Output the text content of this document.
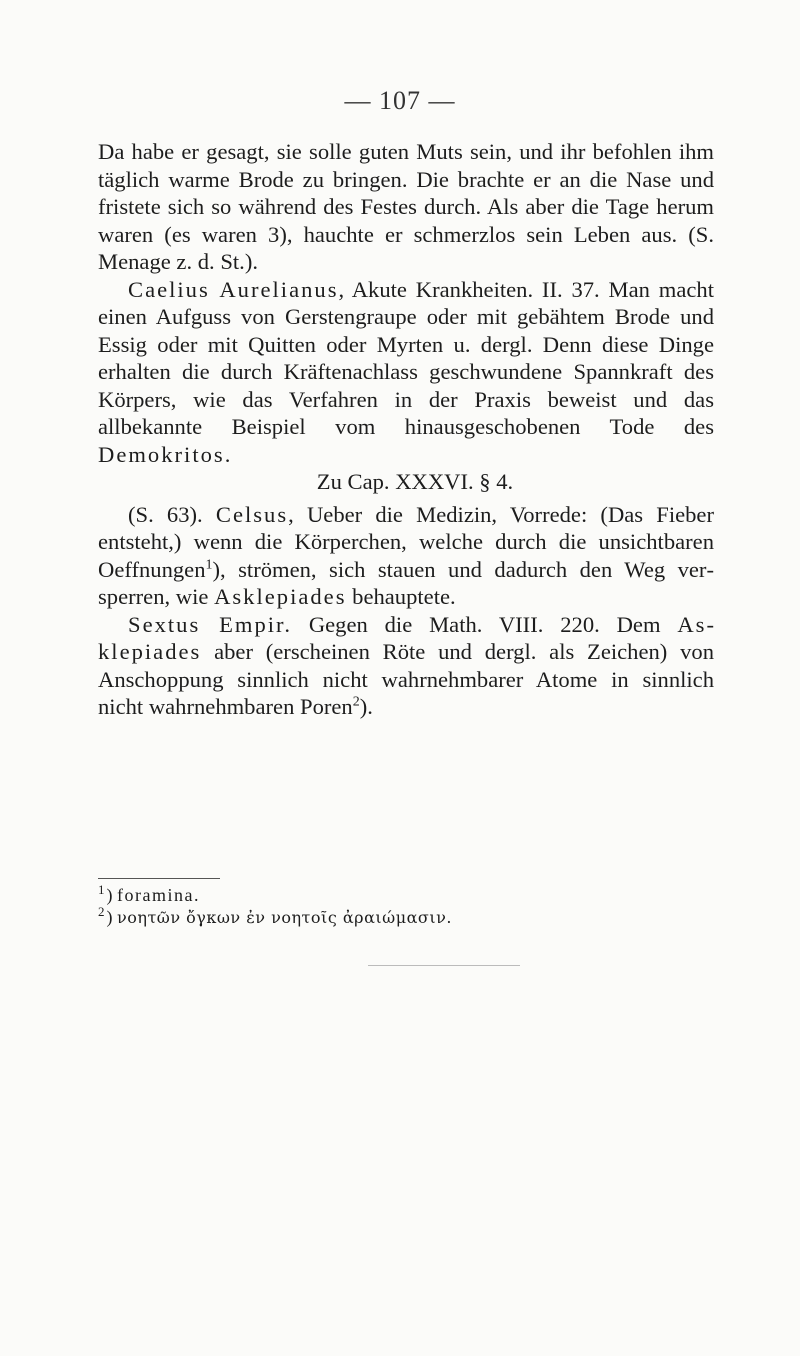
— 107 —

Da habe er gesagt, sie solle guten Muts sein, und ihr befohlen ihm täglich warme Brode zu bringen. Die brachte er an die Nase und fristete sich so während des Festes durch. Als aber die Tage herum waren (es waren 3), hauchte er schmerzlos sein Leben aus. (S. Menage z. d. St.).

Caelius Aurelianus, Akute Krankheiten. II. 37. Man macht einen Aufguss von Gerstengraupe oder mit gebähtem Brode und Essig oder mit Quitten oder Myrten u. dergl. Denn diese Dinge erhalten die durch Kräftenachlass geschwundene Spannkraft des Körpers, wie das Verfahren in der Praxis beweist und das allbekannte Beispiel vom hinausgeschobenen Tode des Demokritos.

Zu Cap. XXXVI. § 4.

(S. 63). Celsus, Ueber die Medizin, Vorrede: (Das Fieber entsteht,) wenn die Körperchen, welche durch die unsichtbaren Oeffnungen$^1$), strömen, sich stauen und dadurch den Weg versperren, wie Asklepiades behauptete.

Sextus Empir. Gegen die Math. VIII. 220. Dem Asklepiades aber (erscheinen Röte und dergl. als Zeichen) von Anschoppung sinnlich nicht wahrnehmbarer Atome in sinnlich nicht wahrnehmbaren Poren$^2$).

$^1$ ) foramina.

$^2$ ) νοητῶν ὄγκων ἐν νοητοῖς ἀραιώμασιν.
